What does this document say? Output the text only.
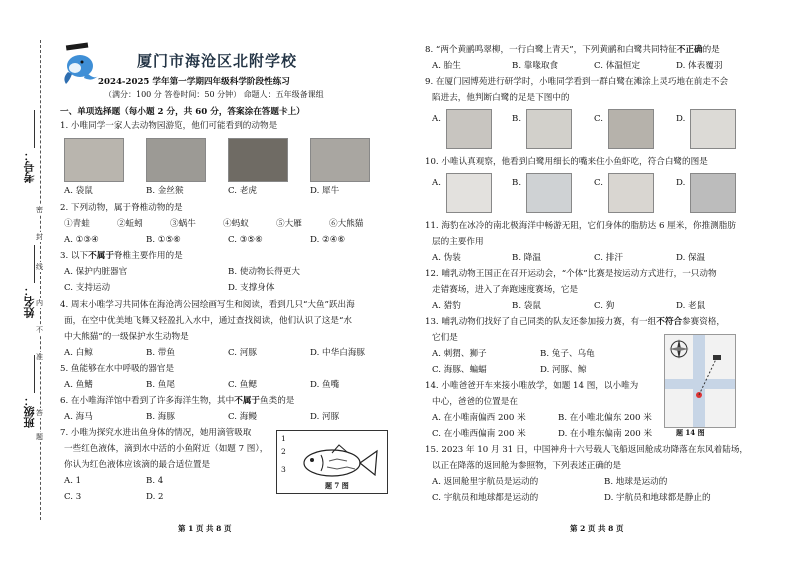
考号：
姓名：
班级：
密
封
线
内
不
准
答
题
厦门市海沧区北附学校
2024-2025 学年第一学期四年级科学阶段性练习
（满分：100 分 答卷时间：50 分钟） 命题人：五年级备课组
一、单项选择题（每小题 2 分，共 60 分，答案涂在答题卡上）
1. 小唯同学一家人去动物园游览，他们可能看到的动物是
A. 袋鼠	B. 金丝猴	C. 老虎	D. 犀牛
2. 下列动物，属于脊椎动物的是
①青蛙	②蚯蚓	③蜗牛	④蚂蚁	⑤大雁	⑥大熊猫
A. ①③④	B. ①⑤⑥	C. ③⑤⑥	D. ②④⑥
3. 以下不属于脊椎主要作用的是
A. 保护内脏器官	B. 使动物长得更大
C. 支持运动	D. 支撑身体
4. 周末小唯学习共同体在海沧湾公园绘画写生和阅读，看到几只“大鱼”跃出海
面，在空中优美地飞舞又轻盈扎入水中，通过查找阅读，他们认识了这是“水
中大熊猫”的一级保护水生动物是
A. 白鲸	B. 带鱼	C. 河豚	D. 中华白海豚
5. 鱼能够在水中呼吸的器官是
A. 鱼鳍	B. 鱼尾	C. 鱼鳃	D. 鱼嘴
6. 在小唯海洋馆中看到了许多海洋生物，其中不属于鱼类的是
A. 海马	B. 海豚	C. 海鳗	D. 河豚
7. 小唯为探究水进出鱼身体的情况，她用滴管吸取
一些红色液体，滴到水中活的小鱼附近（如题 7 图），
你认为红色液体应该滴的最合适位置是
A. 1	B. 4
C. 3	D. 2
1
2
3
题 7 图
第 1 页 共 8 页
8. “两个黄鹂鸣翠柳，一行白鹭上青天”，下列黄鹂和白鹭共同特征不正确的是
A. 胎生	B. 靠喙取食	C. 体温恒定	D. 体表覆羽
9. 在厦门园博苑进行研学时，小唯同学看到一群白鹭在滩涂上灵巧地在前走不会
陷进去，他判断白鹭的足是下图中的
A.	B.	C.	D.
10. 小唯认真观察，他看到白鹭用细长的嘴来住小鱼虾吃，符合白鹭的图是
A.	B.	C.	D.
11. 海豹在冰冷的南北极海洋中畅游无阻，它们身体的脂肪达 6 厘米，你推测脂肪
层的主要作用
A. 伪装	B. 降温	C. 排汗	D. 保温
12. 哺乳动物王国正在召开运动会，“个体”比赛是按运动方式进行，一只动物
走错赛场，进入了奔跑速度赛场，它是
A. 猎豹	B. 袋鼠	C. 狗	D. 老鼠
13. 哺乳动物们找好了自己同类的队友还参加接力赛，有一组不符合参赛资格，
它们是
A. 刺猬、狮子	B. 兔子、乌龟
C. 海豚、蝙蝠	D. 河豚、鲸
题 14 图
14. 小唯爸爸开车来接小唯放学，如题 14 图，以小唯为
中心，爸爸的位置是在
A. 在小唯南偏西 200 米	B. 在小唯北偏东 200 米
C. 在小唯西偏南 200 米	D. 在小唯东偏南 200 米
15. 2023 年 10 月 31 日，中国神舟十六号载人飞船返回舱成功降落在东风着陆场，
以正在降落的返回舱为参照物，下列表述正确的是
A. 返回舱里宇航员是运动的	B. 地球是运动的
C. 宇航员和地球都是运动的	D. 宇航员和地球都是静止的
第 2 页 共 8 页
